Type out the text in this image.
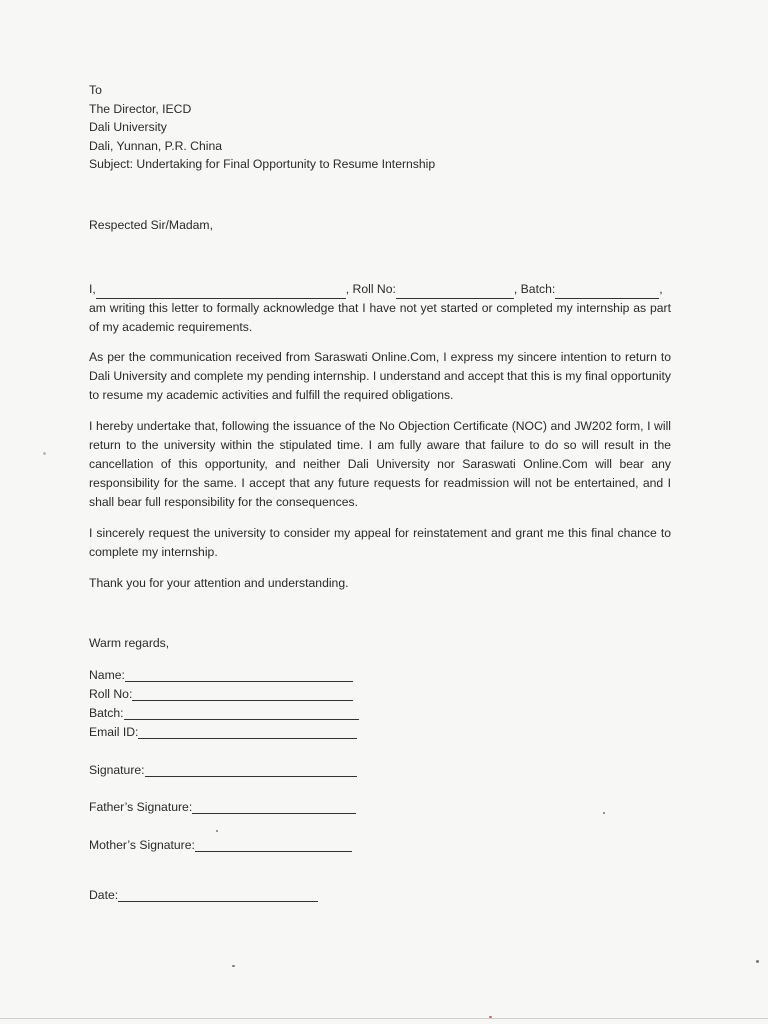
To
The Director, IECD
Dali University
Dali, Yunnan, P.R. China
Subject: Undertaking for Final Opportunity to Resume Internship
Respected Sir/Madam,
I,	, Roll No:	, Batch:	,
am writing this letter to formally acknowledge that I have not yet started or completed my internship as part of my academic requirements.
As per the communication received from Saraswati Online.Com, I express my sincere intention to return to Dali University and complete my pending internship. I understand and accept that this is my final opportunity to resume my academic activities and fulfill the required obligations.
I hereby undertake that, following the issuance of the No Objection Certificate (NOC) and JW202 form, I will return to the university within the stipulated time. I am fully aware that failure to do so will result in the cancellation of this opportunity, and neither Dali University nor Saraswati Online.Com will bear any responsibility for the same. I accept that any future requests for readmission will not be entertained, and I shall bear full responsibility for the consequences.
I sincerely request the university to consider my appeal for reinstatement and grant me this final chance to complete my internship.
Thank you for your attention and understanding.
Warm regards,
Name:
Roll No:
Batch:
Email ID:
Signature:
Father’s Signature:
Mother’s Signature:
Date:
